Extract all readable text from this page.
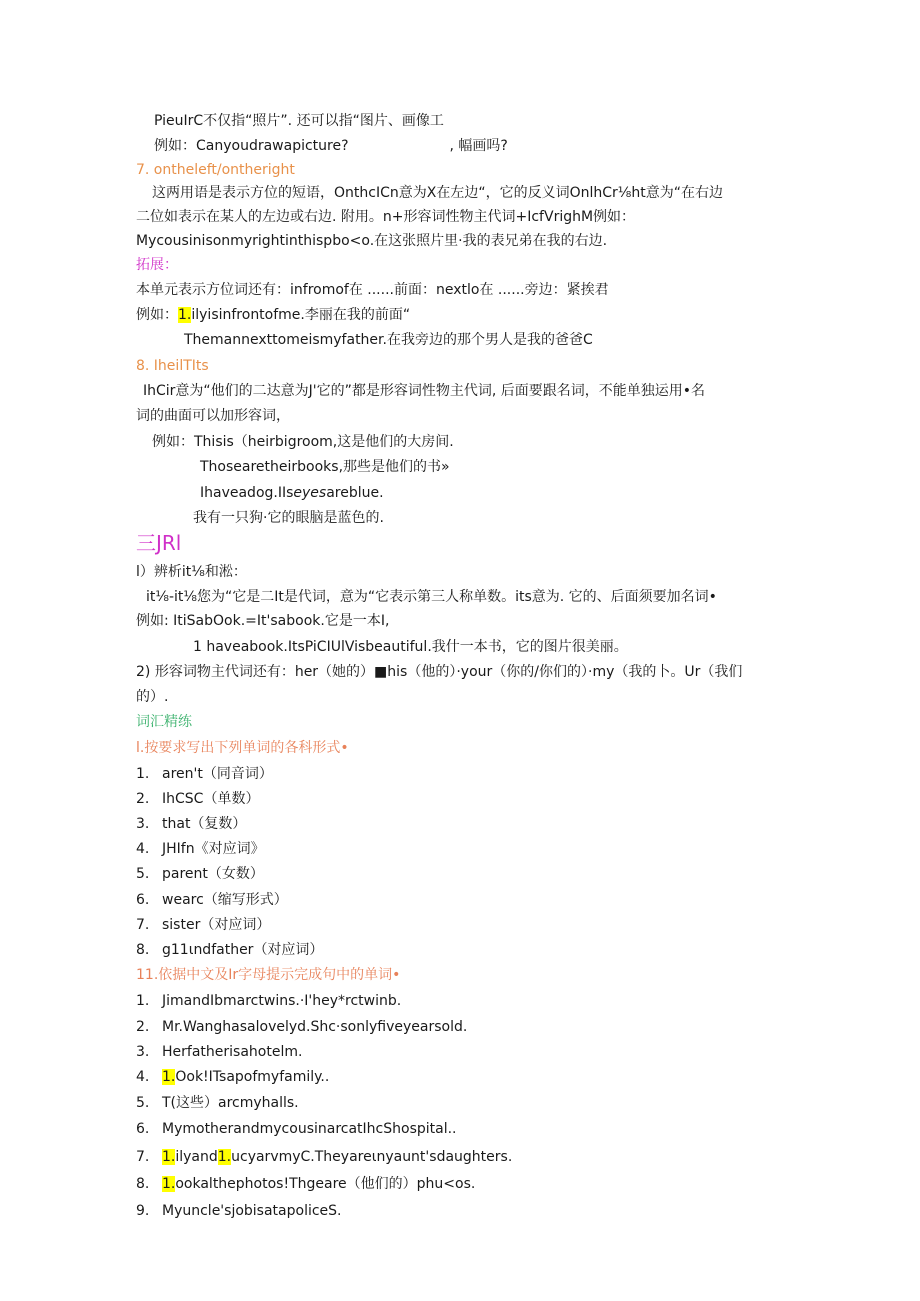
PieuIrC不仅指“照片”. 还可以指“图片、画像工
例如：Canyoudrawapicture?	, 幅画吗?
7. ontheleft/ontheright
这两用语是表示方位的短语，OnthcICn意为X在左边“，它的反义词OnlhCr⅛ht意为“在右边
二位如表示在某人的左边或右边. 附用。n+形容词性物主代词+IcfVrighM例如：
Mycousinisonmyrightinthispbo<o.在这张照片里·我的表兄弟在我的右边.
拓展：
本单元表示方位词还有：infromof在 ......前面：nextlo在 ......旁边：紧挨君
例如：1.ilyisinfrontofme.李丽在我的前面“
Themannexttomeismyfather.在我旁边的那个男人是我的爸爸C
8. IheilTIts
IhCir意为“他们的二达意为J'它的”都是形容词性物主代词, 后面要跟名词，不能单独运用•名
词的曲面可以加形容词，
例如：Thisis（heirbigroom,这是他们的大房间.
Thosearetheirbooks,那些是他们的书»
Ihaveadog.IIseyesareblue.
我有一只狗·它的眼脑是蓝色的.
三JRl
l）辨析it⅛和淞：
it⅛-it⅛您为“它是二It是代词，意为“它表示第三人称单数。its意为. 它的、后面须要加名词•
例如: ItiSabOok.=It'sabook.它是一本I,
1 haveabook.ItsPiCIUlVisbeautiful.我什一本书，它的图片很美丽。
2) 形容词物主代词还有：her（她的）■his（他的）·your（你的/你们的）·my（我的卜。Ur（我们
的）.
词汇精练
l.按要求写出下列单词的各科形式•
1. aren't（同音词）
2. IhCSC（单数）
3. that（复数）
4. JHIfn《对应词》
5. parent（女数）
6. wearc（缩写形式）
7. sister（对应词）
8. g11ιndfather（对应词）
11.依据中文及Ir字母提示完成句中的单词•
1. JimandIbmarctwins.·I'hey*rctwinb.
2. Mr.Wanghasalovelyd.Shc·sonlyfiveyearsold.
3. Herfatherisahotelm.
4. 1.Ook!ITsapofmyfamily..
5. T(这些）arcmyhalls.
6. MymotherandmycousinarcatIhcShospital..
7. 1.ilyand1.ucyarvmyC.Theyareιnyaunt'sdaughters.
8. 1.ookalthephotos!Thgeare（他们的）phu<os.
9. Myuncle'sjobisatapoliceS.
